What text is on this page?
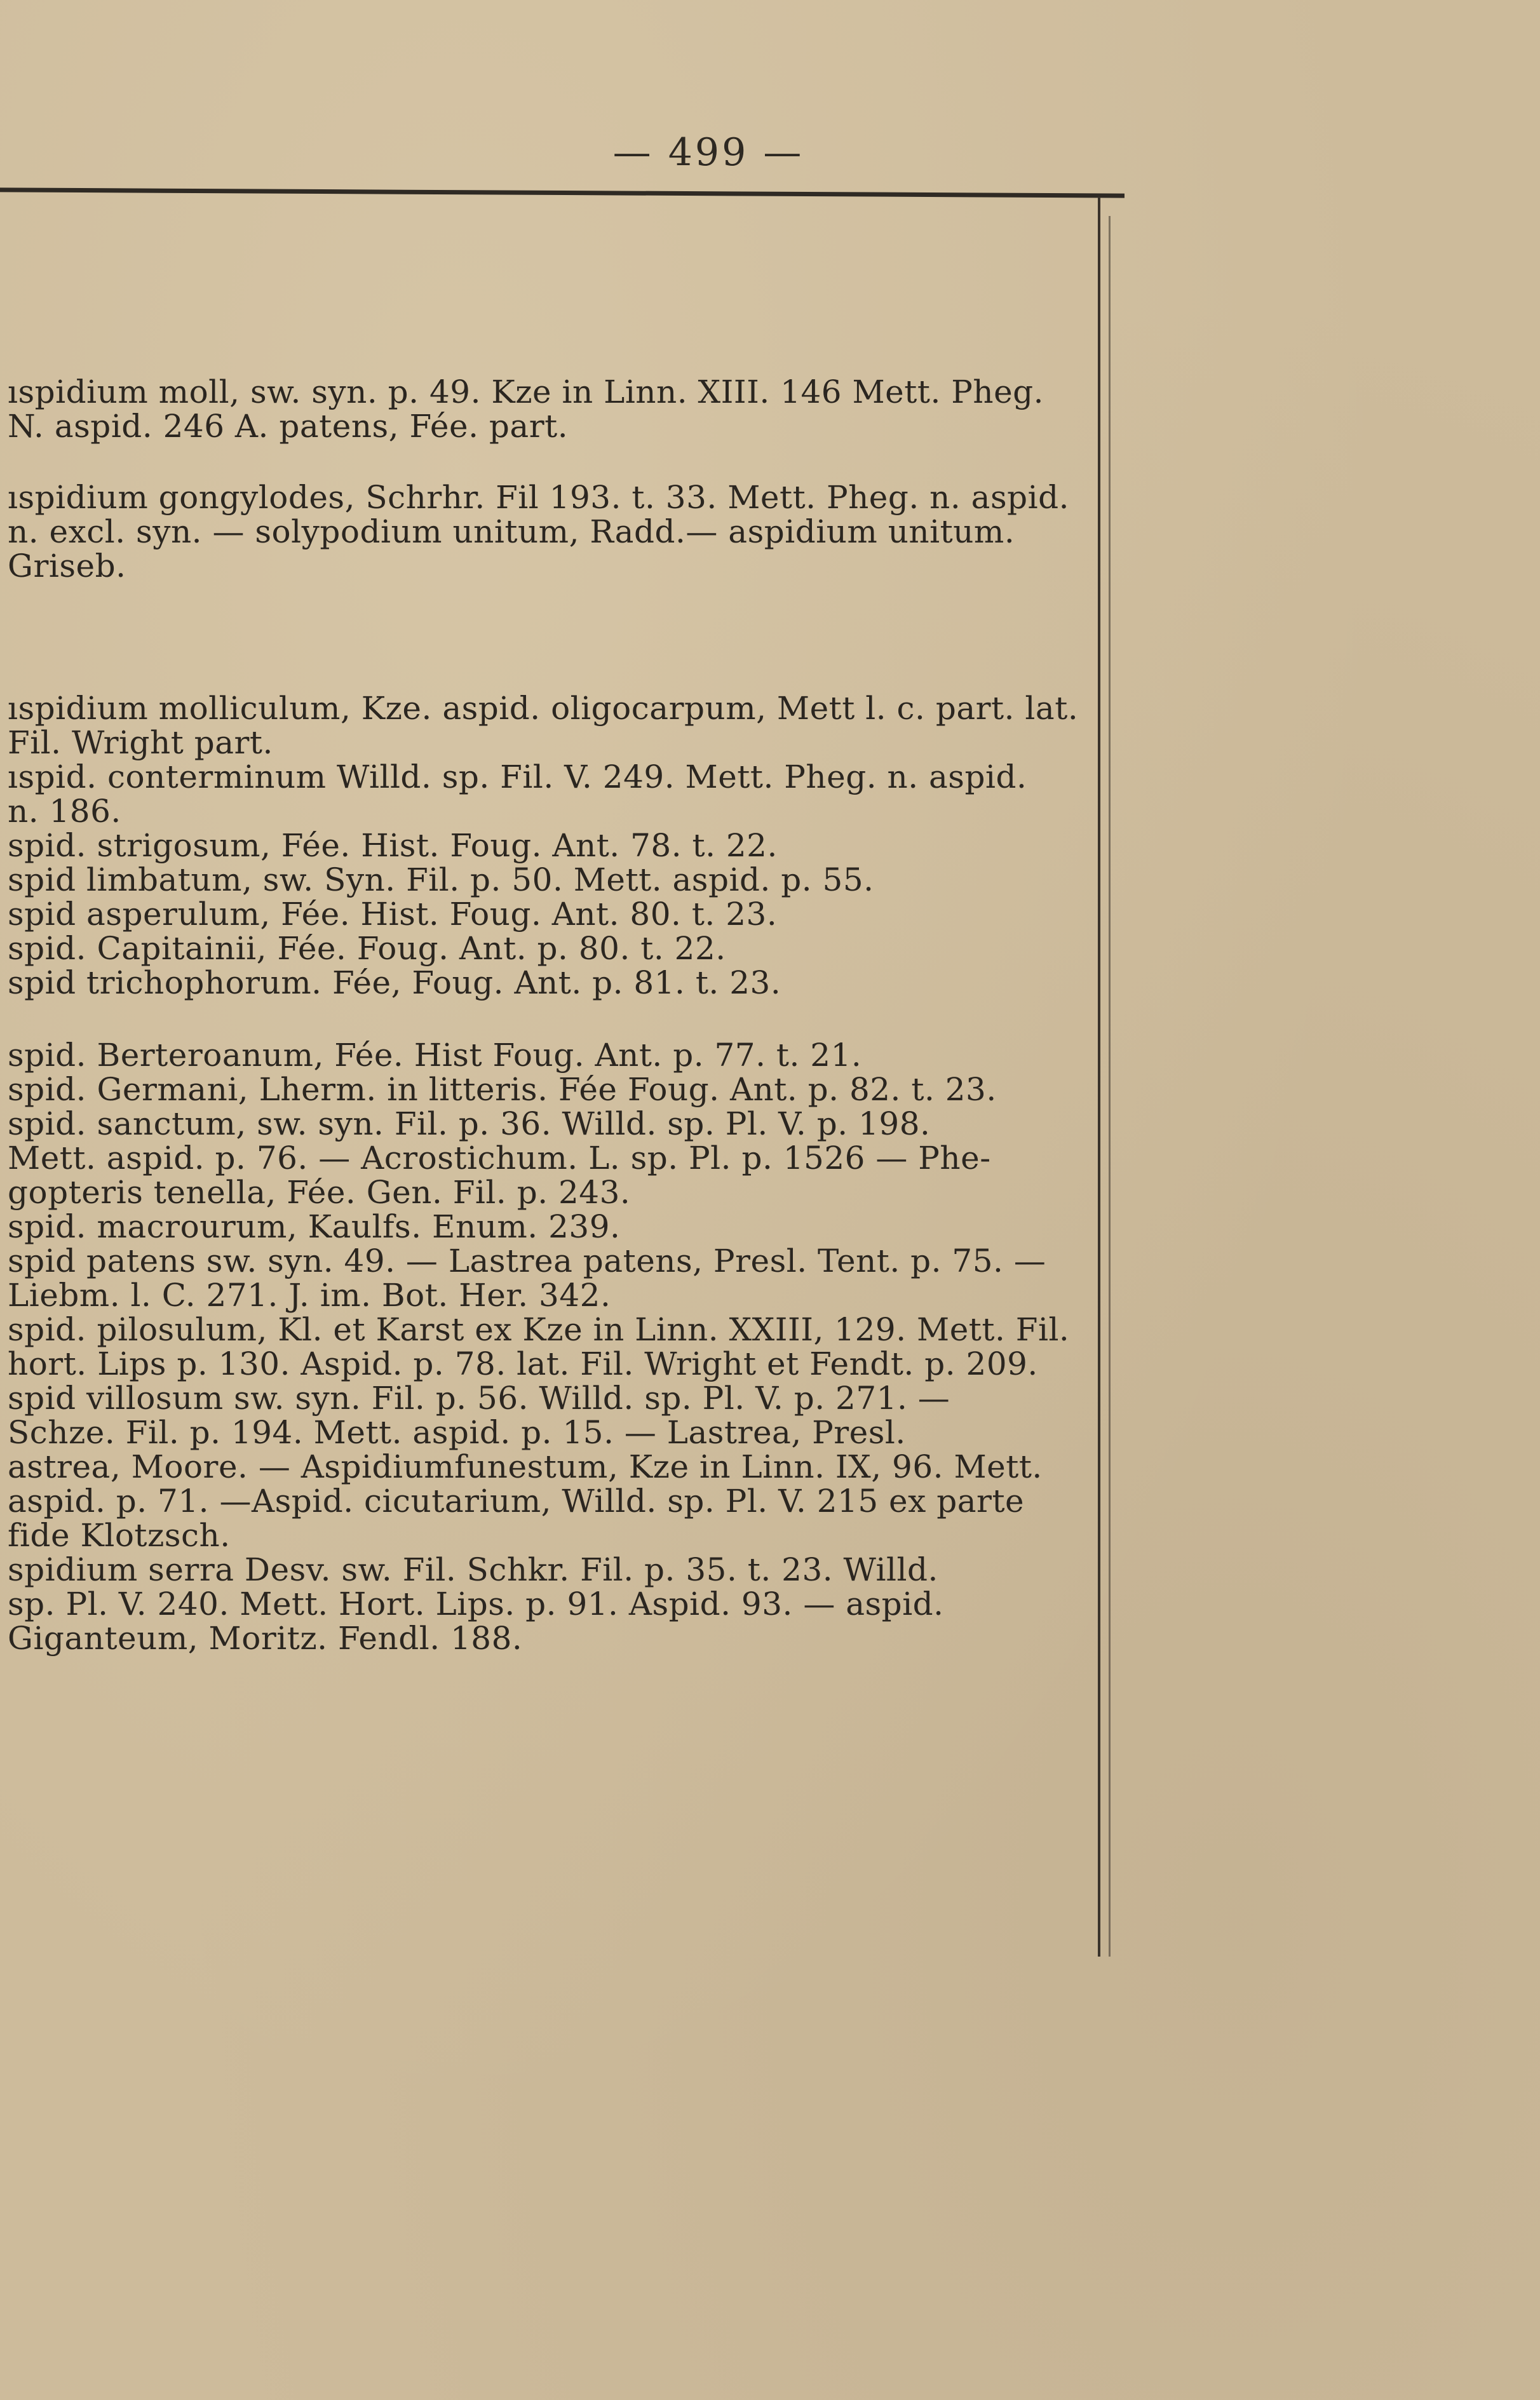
— 499 —
ıspidium moll, sw. syn. p. 49. Kze in Linn. XIII. 146 Mett. Pheg.
N. aspid. 246 A. patens, Fée. part.
ıspidium gongylodes, Schrhr. Fil 193. t. 33. Mett. Pheg. n. aspid.
n. excl. syn. — solypodium unitum, Radd.— aspidium unitum.
Griseb.
ıspidium molliculum, Kze. aspid. oligocarpum, Mett l. c. part. lat.
Fil. Wright part.
ıspid. conterminum Willd. sp. Fil. V. 249. Mett. Pheg. n. aspid.
n. 186.
spid. strigosum, Fée. Hist. Foug. Ant. 78. t. 22.
spid limbatum, sw. Syn. Fil. p. 50. Mett. aspid. p. 55.
spid asperulum, Fée. Hist. Foug. Ant. 80. t. 23.
spid. Capitainii, Fée. Foug. Ant. p. 80. t. 22.
spid trichophorum. Fée, Foug. Ant. p. 81. t. 23.
spid. Berteroanum, Fée. Hist Foug. Ant. p. 77. t. 21.
spid. Germani, Lherm. in litteris. Fée Foug. Ant. p. 82. t. 23.
spid. sanctum, sw. syn. Fil. p. 36. Willd. sp. Pl. V. p. 198.
Mett. aspid. p. 76. — Acrostichum. L. sp. Pl. p. 1526 — Phe-
gopteris tenella, Fée. Gen. Fil. p. 243.
spid. macrourum, Kaulfs. Enum. 239.
spid patens sw. syn. 49. — Lastrea patens, Presl. Tent. p. 75. —
Liebm. l. C. 271. J. im. Bot. Her. 342.
spid. pilosulum, Kl. et Karst ex Kze in Linn. XXIII, 129. Mett. Fil.
hort. Lips p. 130. Aspid. p. 78. lat. Fil. Wright et Fendt. p. 209.
spid villosum sw. syn. Fil. p. 56. Willd. sp. Pl. V. p. 271. —
Schze. Fil. p. 194. Mett. aspid. p. 15. — Lastrea, Presl.
astrea, Moore. — Aspidiumfunestum, Kze in Linn. IX, 96. Mett.
aspid. p. 71. —Aspid. cicutarium, Willd. sp. Pl. V. 215 ex parte
fide Klotzsch.
spidium serra Desv. sw. Fil. Schkr. Fil. p. 35. t. 23. Willd.
sp. Pl. V. 240. Mett. Hort. Lips. p. 91. Aspid. 93. — aspid.
Giganteum, Moritz. Fendl. 188.
